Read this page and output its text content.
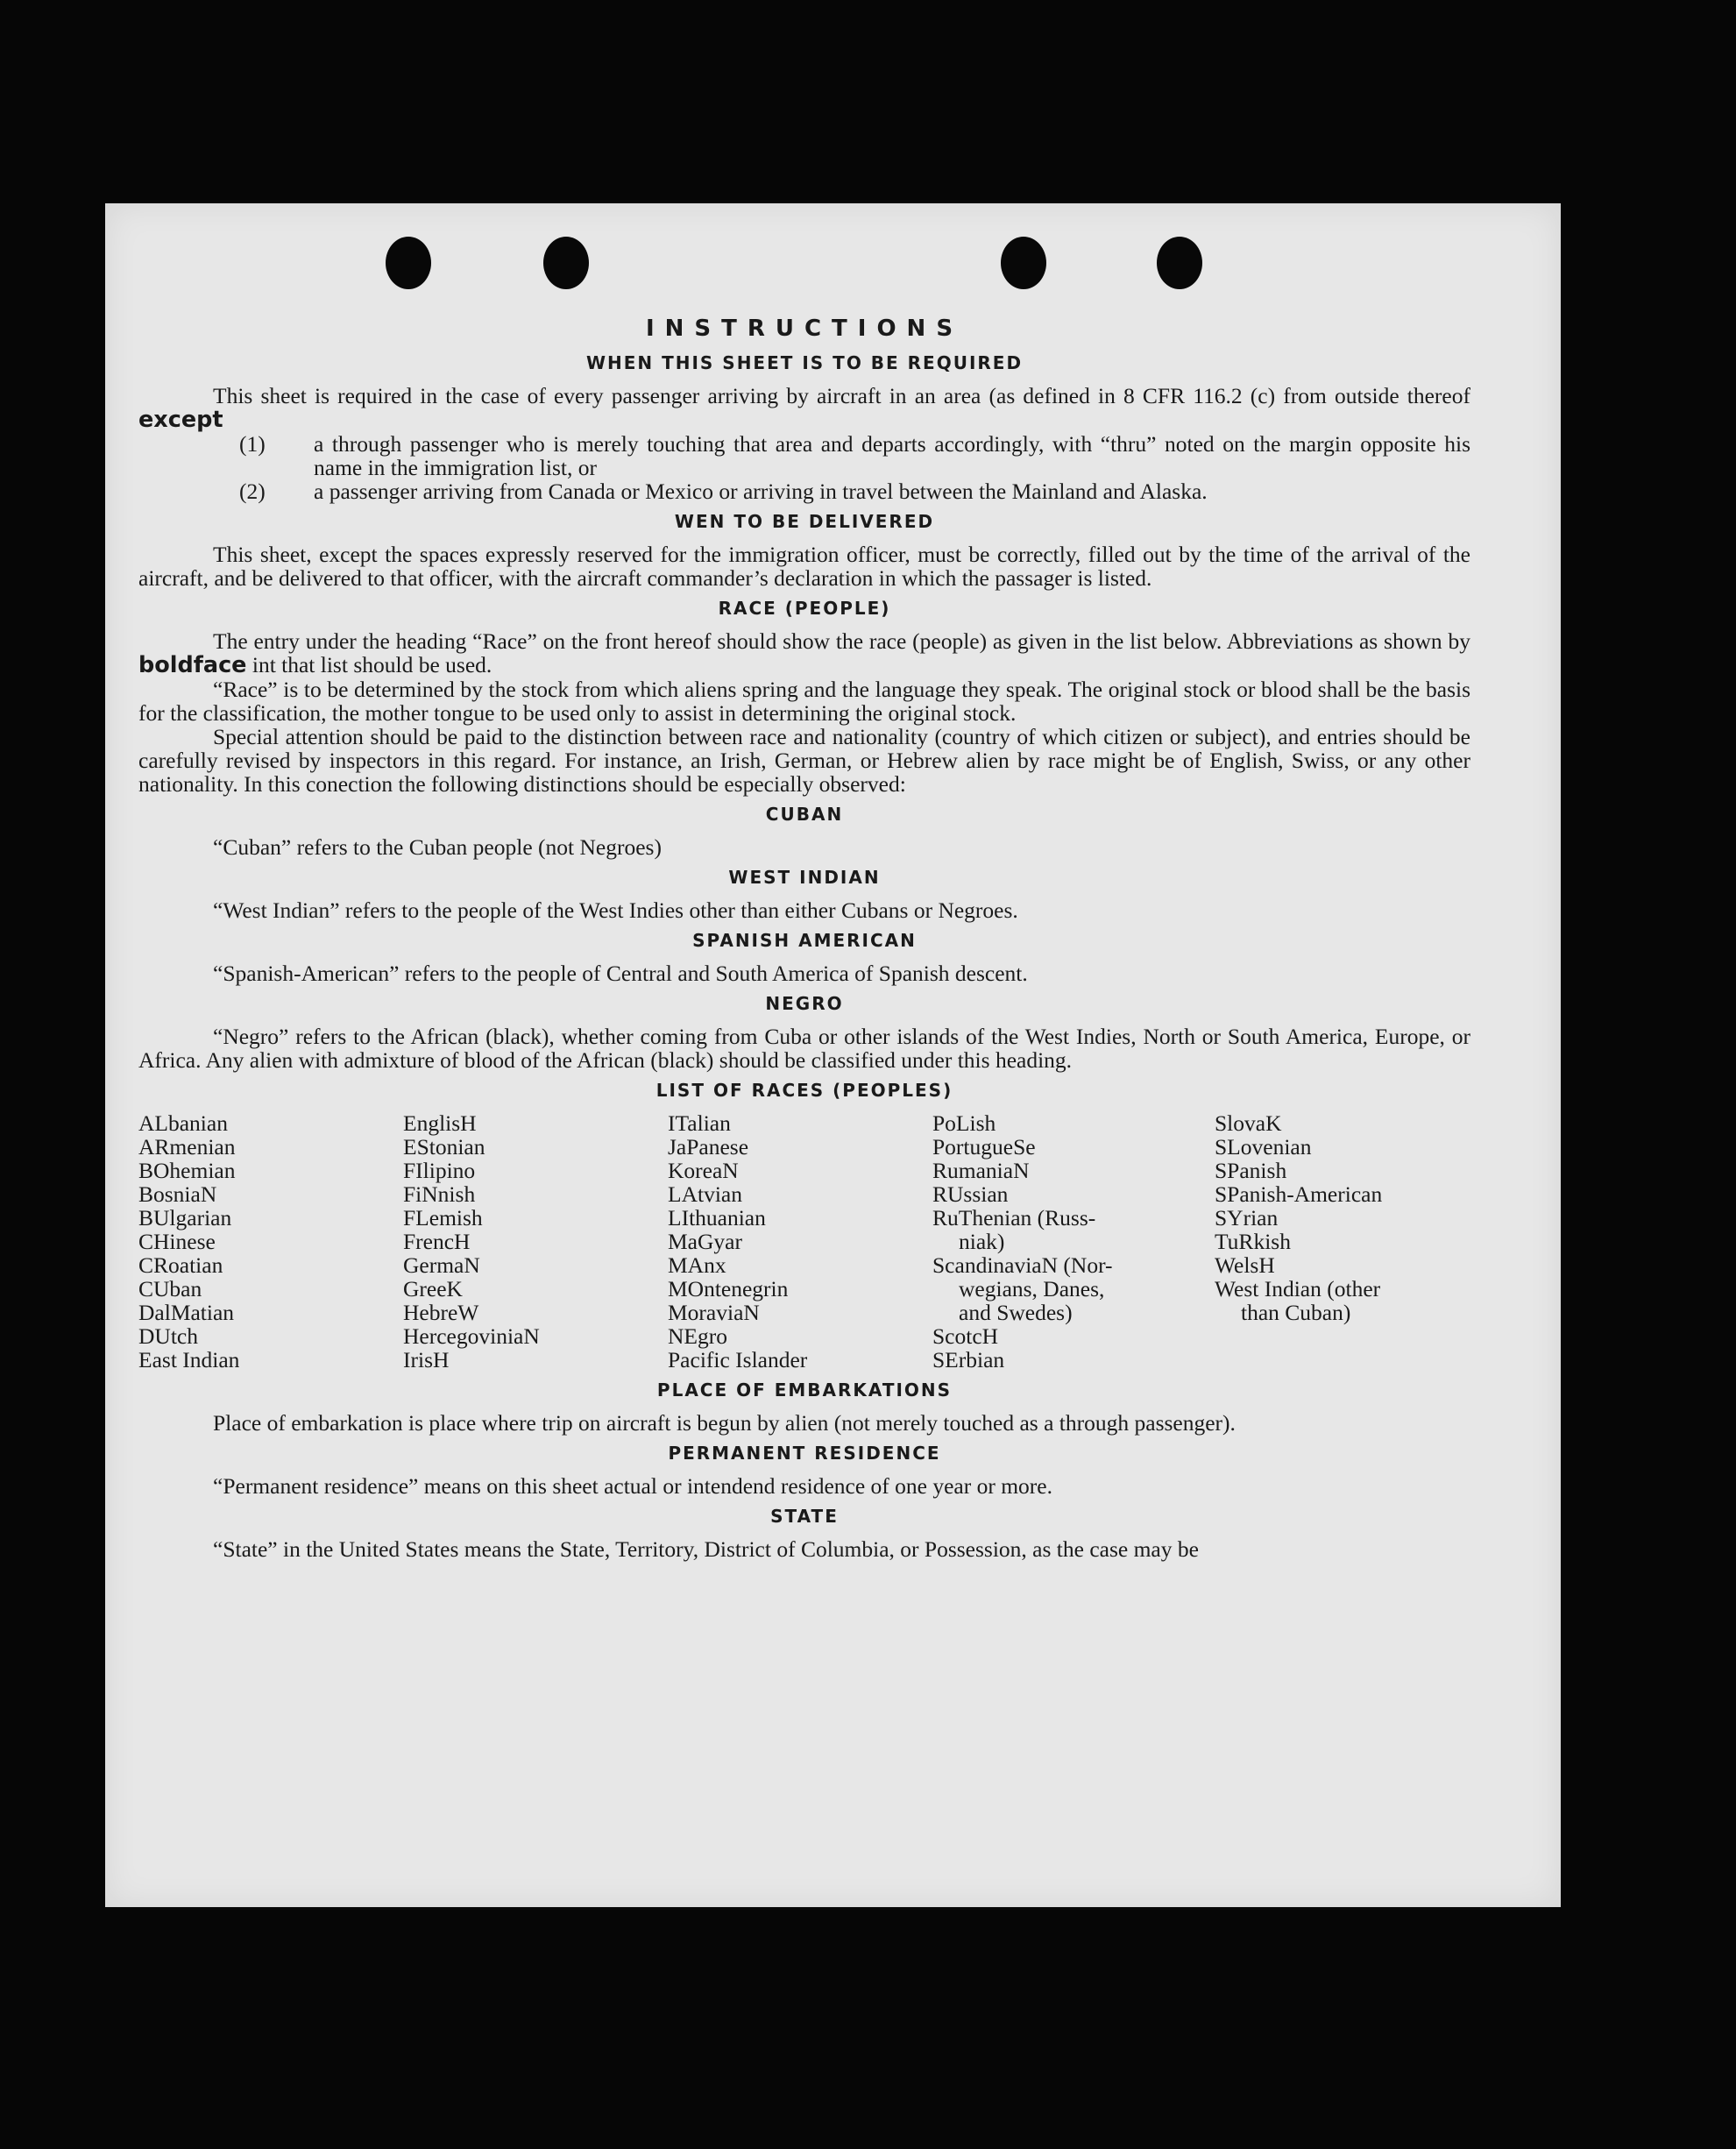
INSTRUCTIONS
WHEN THIS SHEET IS TO BE REQUIRED

This sheet is required in the case of every passenger arriving by aircraft in an area (as defined in 8 CFR 116.2 (c) from outside thereof except

(1) a through passenger who is merely touching that area and departs accordingly, with “thru” noted on the margin opposite his name in the immigration list, or

(2) a passenger arriving from Canada or Mexico or arriving in travel between the Mainland and Alaska.

WEN TO BE DELIVERED

This sheet, except the spaces expressly reserved for the immigration officer, must be correctly, filled out by the time of the arrival of the aircraft, and be delivered to that officer, with the aircraft commander’s declaration in which the passager is listed.

RACE (PEOPLE)

The entry under the heading “Race” on the front hereof should show the race (people) as given in the list below. Abbreviations as shown by boldface int that list should be used.

“Race” is to be determined by the stock from which aliens spring and the language they speak. The original stock or blood shall be the basis for the classification, the mother tongue to be used only to assist in determining the original stock.

Special attention should be paid to the distinction between race and nationality (country of which citizen or subject), and entries should be carefully revised by inspectors in this regard. For instance, an Irish, German, or Hebrew alien by race might be of English, Swiss, or any other nationality. In this conection the following distinctions should be especially observed:

CUBAN

“Cuban” refers to the Cuban people (not Negroes)

WEST INDIAN

“West Indian” refers to the people of the West Indies other than either Cubans or Negroes.

SPANISH AMERICAN

“Spanish-American” refers to the people of Central and South America of Spanish descent.

NEGRO

“Negro” refers to the African (black), whether coming from Cuba or other islands of the West Indies, North or South America, Europe, or Africa. Any alien with admixture of blood of the African (black) should be classified under this heading.

LIST OF RACES (PEOPLES)
ALbanian
ARmenian
BOhemian
BosniaN
BUlgarian
CHinese
CRoatian
CUban
DalMatian
DUtch
East Indian
EnglisH
EStonian
FIlipino
FiNnish
FLemish
FrencH
GermaN
GreeK
HebreW
HercegoviniaN
IrisH
ITalian
JaPanese
KoreaN
LAtvian
LIthuanian
MaGyar
MAnx
MOntenegrin
MoraviaN
NEgro
Pacific Islander
PoLish
PortugueSe
RumaniaN
RUssian
RuThenian (Russ-
niak)
ScandinaviaN (Nor-
wegians, Danes,
and Swedes)
ScotcH
SErbian
SlovaK
SLovenian
SPanish
SPanish-American
SYrian
TuRkish
WelsH
West Indian (other
than Cuban)
PLACE OF EMBARKATIONS

Place of embarkation is place where trip on aircraft is begun by alien (not merely touched as a through passenger).

PERMANENT RESIDENCE

“Permanent residence” means on this sheet actual or intendend residence of one year or more.

STATE

“State” in the United States means the State, Territory, District of Columbia, or Possession, as the case may be
